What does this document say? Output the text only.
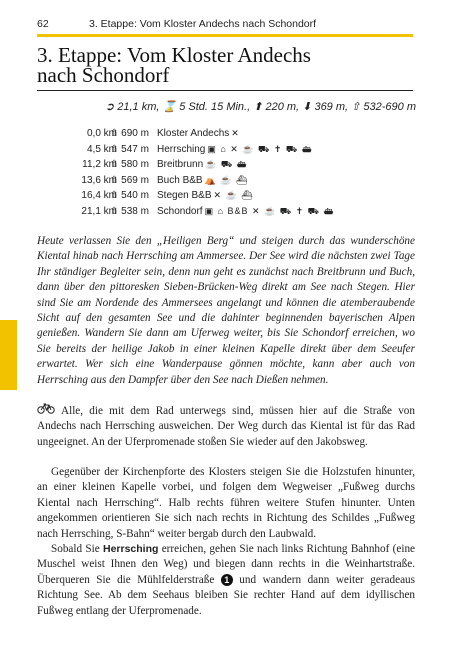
62	3. Etappe: Vom Kloster Andechs nach Schondorf
3. Etappe: Vom Kloster Andechs
nach Schondorf
➲ 21,1 km, ⌛ 5 Std. 15 Min., ⬆ 220 m, ⬇ 369 m, ⇧ 532-690 m
0,0 km
⇧ 690 m Kloster Andechs ✕
4,5 km
⇧ 547 m Herrsching ▣ ⌂ ✕ ☕ ⛟ ✝ ⛟ ⛴
11,2 km
⇧ 580 m Breitbrunn ☕ ⛟ ⛴
13,6 km
⇧ 569 m Buch B&B ⛺ ☕ ⛴
16,4 km
⇧ 540 m Stegen B&B ✕ ☕ ⛴
21,1 km
⇧ 538 m Schondorf ▣ ⌂ B&B ✕ ☕ ⛟ ✝ ⛟ ⛴
Heute verlassen Sie den „Heiligen Berg“ und steigen durch das wunderschöne Kiental hinab nach Herrsching am Ammersee. Der See wird die nächsten zwei Tage Ihr ständiger Begleiter sein, denn nun geht es zunächst nach Breitbrunn und Buch, dann über den pittoresken Sieben-Brücken-Weg direkt am See nach Stegen. Hier sind Sie am Nordende des Ammersees angelangt und können die atemberaubende Sicht auf den gesamten See und die dahinter beginnenden bayerischen Alpen genießen. Wandern Sie dann am Uferweg weiter, bis Sie Schondorf erreichen, wo Sie bereits der heilige Jakob in einer kleinen Kapelle direkt über dem Seeufer erwartet. Wer sich eine Wanderpause gönnen möchte, kann aber auch von Herrsching aus den Dampfer über den See nach Dießen nehmen.
Alle, die mit dem Rad unterwegs sind, müssen hier auf die Straße von Andechs nach Herrsching ausweichen. Der Weg durch das Kiental ist für das Rad ungeeignet. An der Uferpromenade stoßen Sie wieder auf den Jakobsweg.
Gegenüber der Kirchenpforte des Klosters steigen Sie die Holzstufen hinunter, an einer kleinen Kapelle vorbei, und folgen dem Wegweiser „Fußweg durchs Kiental nach Herrsching“. Halb rechts führen weitere Stufen hinunter. Unten angekommen orientieren Sie sich nach rechts in Richtung des Schildes „Fußweg nach Herrsching, S-Bahn“ weiter bergab durch den Laubwald.
Sobald Sie Herrsching erreichen, gehen Sie nach links Richtung Bahnhof (eine Muschel weist Ihnen den Weg) und biegen dann rechts in die Weinhartstraße. Überqueren Sie die Mühlfelderstraße 1 und wandern dann weiter geradeaus Richtung See. Ab dem Seehaus bleiben Sie rechter Hand auf dem idyllischen Fußweg entlang der Uferpromenade.
